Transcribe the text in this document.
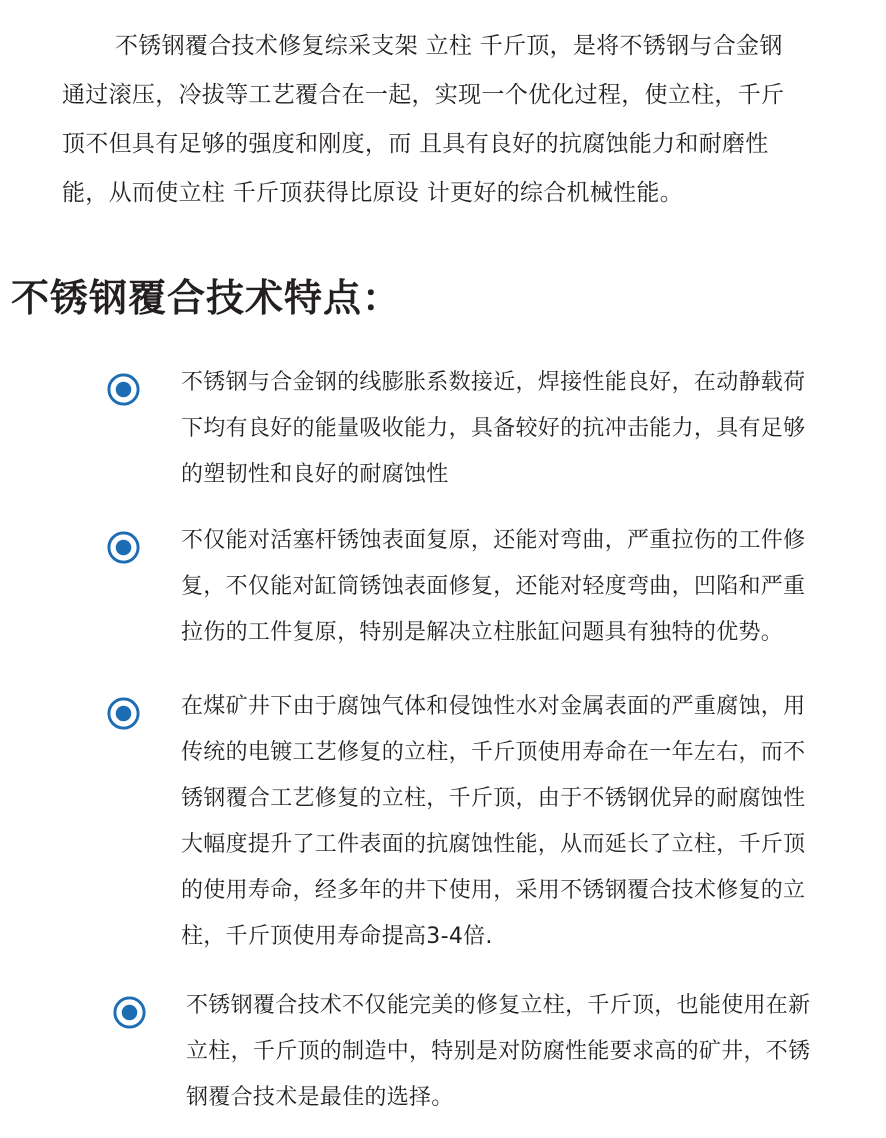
不锈钢覆合技术修复综采支架 立柱 千斤顶，是将不锈钢与合金钢
通过滚压，冷拔等工艺覆合在一起，实现一个优化过程，使立柱，千斤
顶不但具有足够的强度和刚度，而 且具有良好的抗腐蚀能力和耐磨性
能，从而使立柱 千斤顶获得比原设 计更好的综合机械性能。
不锈钢覆合技术特点：
不锈钢与合金钢的线膨胀系数接近，焊接性能良好，在动静载荷
下均有良好的能量吸收能力，具备较好的抗冲击能力，具有足够
的塑韧性和良好的耐腐蚀性
不仅能对活塞杆锈蚀表面复原，还能对弯曲，严重拉伤的工件修
复，不仅能对缸筒锈蚀表面修复，还能对轻度弯曲，凹陷和严重
拉伤的工件复原，特别是解决立柱胀缸问题具有独特的优势。
在煤矿井下由于腐蚀气体和侵蚀性水对金属表面的严重腐蚀，用
传统的电镀工艺修复的立柱，千斤顶使用寿命在一年左右，而不
锈钢覆合工艺修复的立柱，千斤顶，由于不锈钢优异的耐腐蚀性
大幅度提升了工件表面的抗腐蚀性能，从而延长了立柱，千斤顶
的使用寿命，经多年的井下使用，采用不锈钢覆合技术修复的立
柱，千斤顶使用寿命提高3-4倍.
不锈钢覆合技术不仅能完美的修复立柱，千斤顶，也能使用在新
立柱，千斤顶的制造中，特别是对防腐性能要求高的矿井，不锈
钢覆合技术是最佳的选择。
